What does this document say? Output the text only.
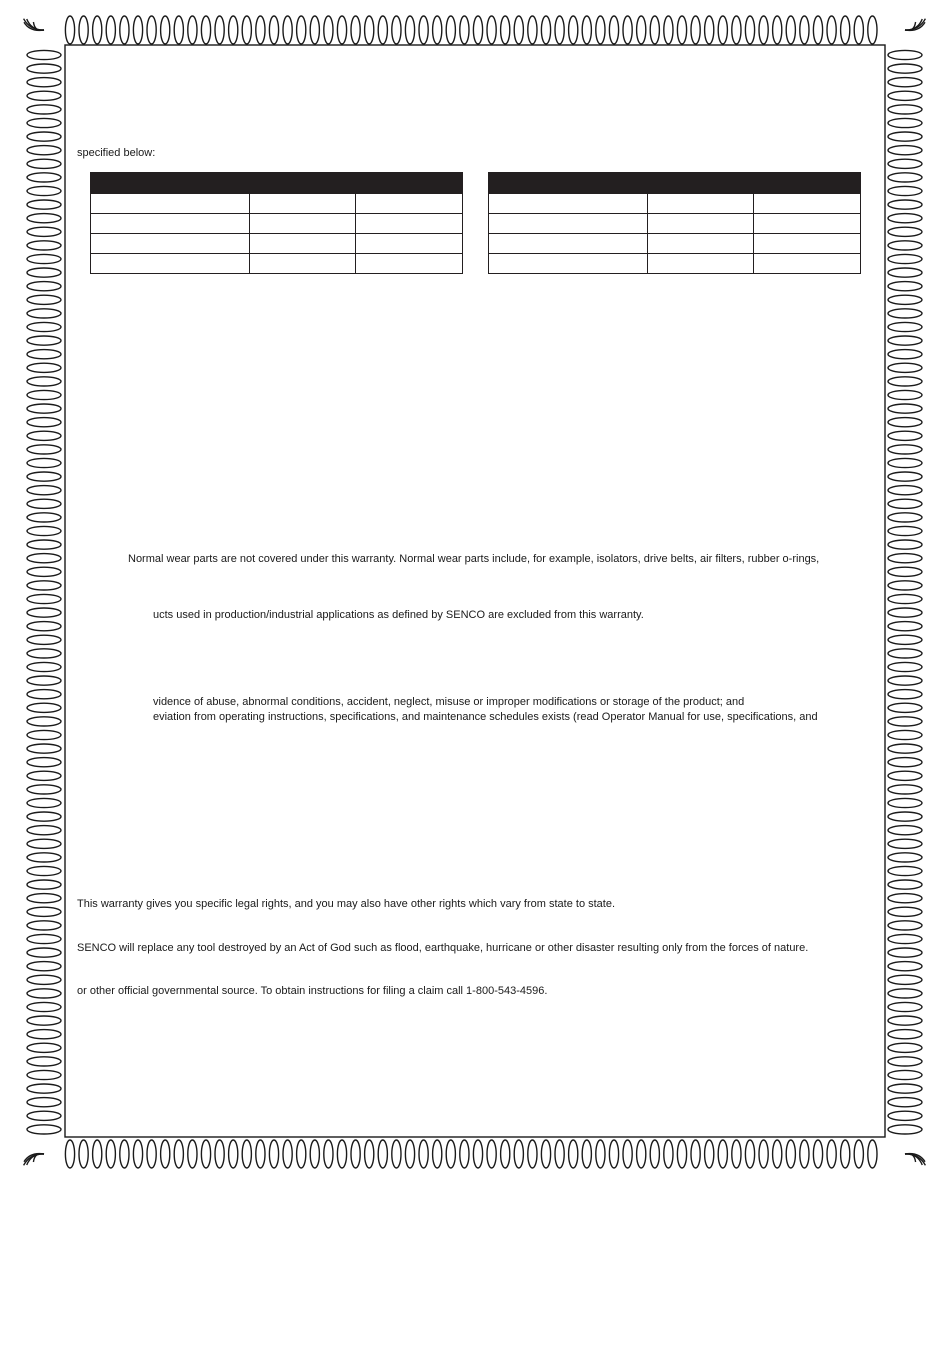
specified below:

Normal wear parts are not covered under this warranty. Normal wear parts include, for example, isolators, drive belts, air filters, rubber o-rings,
ucts used in production/industrial applications as defined by SENCO are excluded from this warranty.
vidence of abuse, abnormal conditions, accident, neglect, misuse or improper modifications or storage of the product; and
eviation from operating instructions, specifications, and maintenance schedules exists (read Operator Manual for use, specifications, and
This warranty gives you specific legal rights, and you may also have other rights which vary from state to state.
SENCO will replace any tool destroyed by an Act of God such as flood, earthquake, hurricane or other disaster resulting only from the forces of nature.
or other official governmental source. To obtain instructions for filing a claim call 1-800-543-4596.
